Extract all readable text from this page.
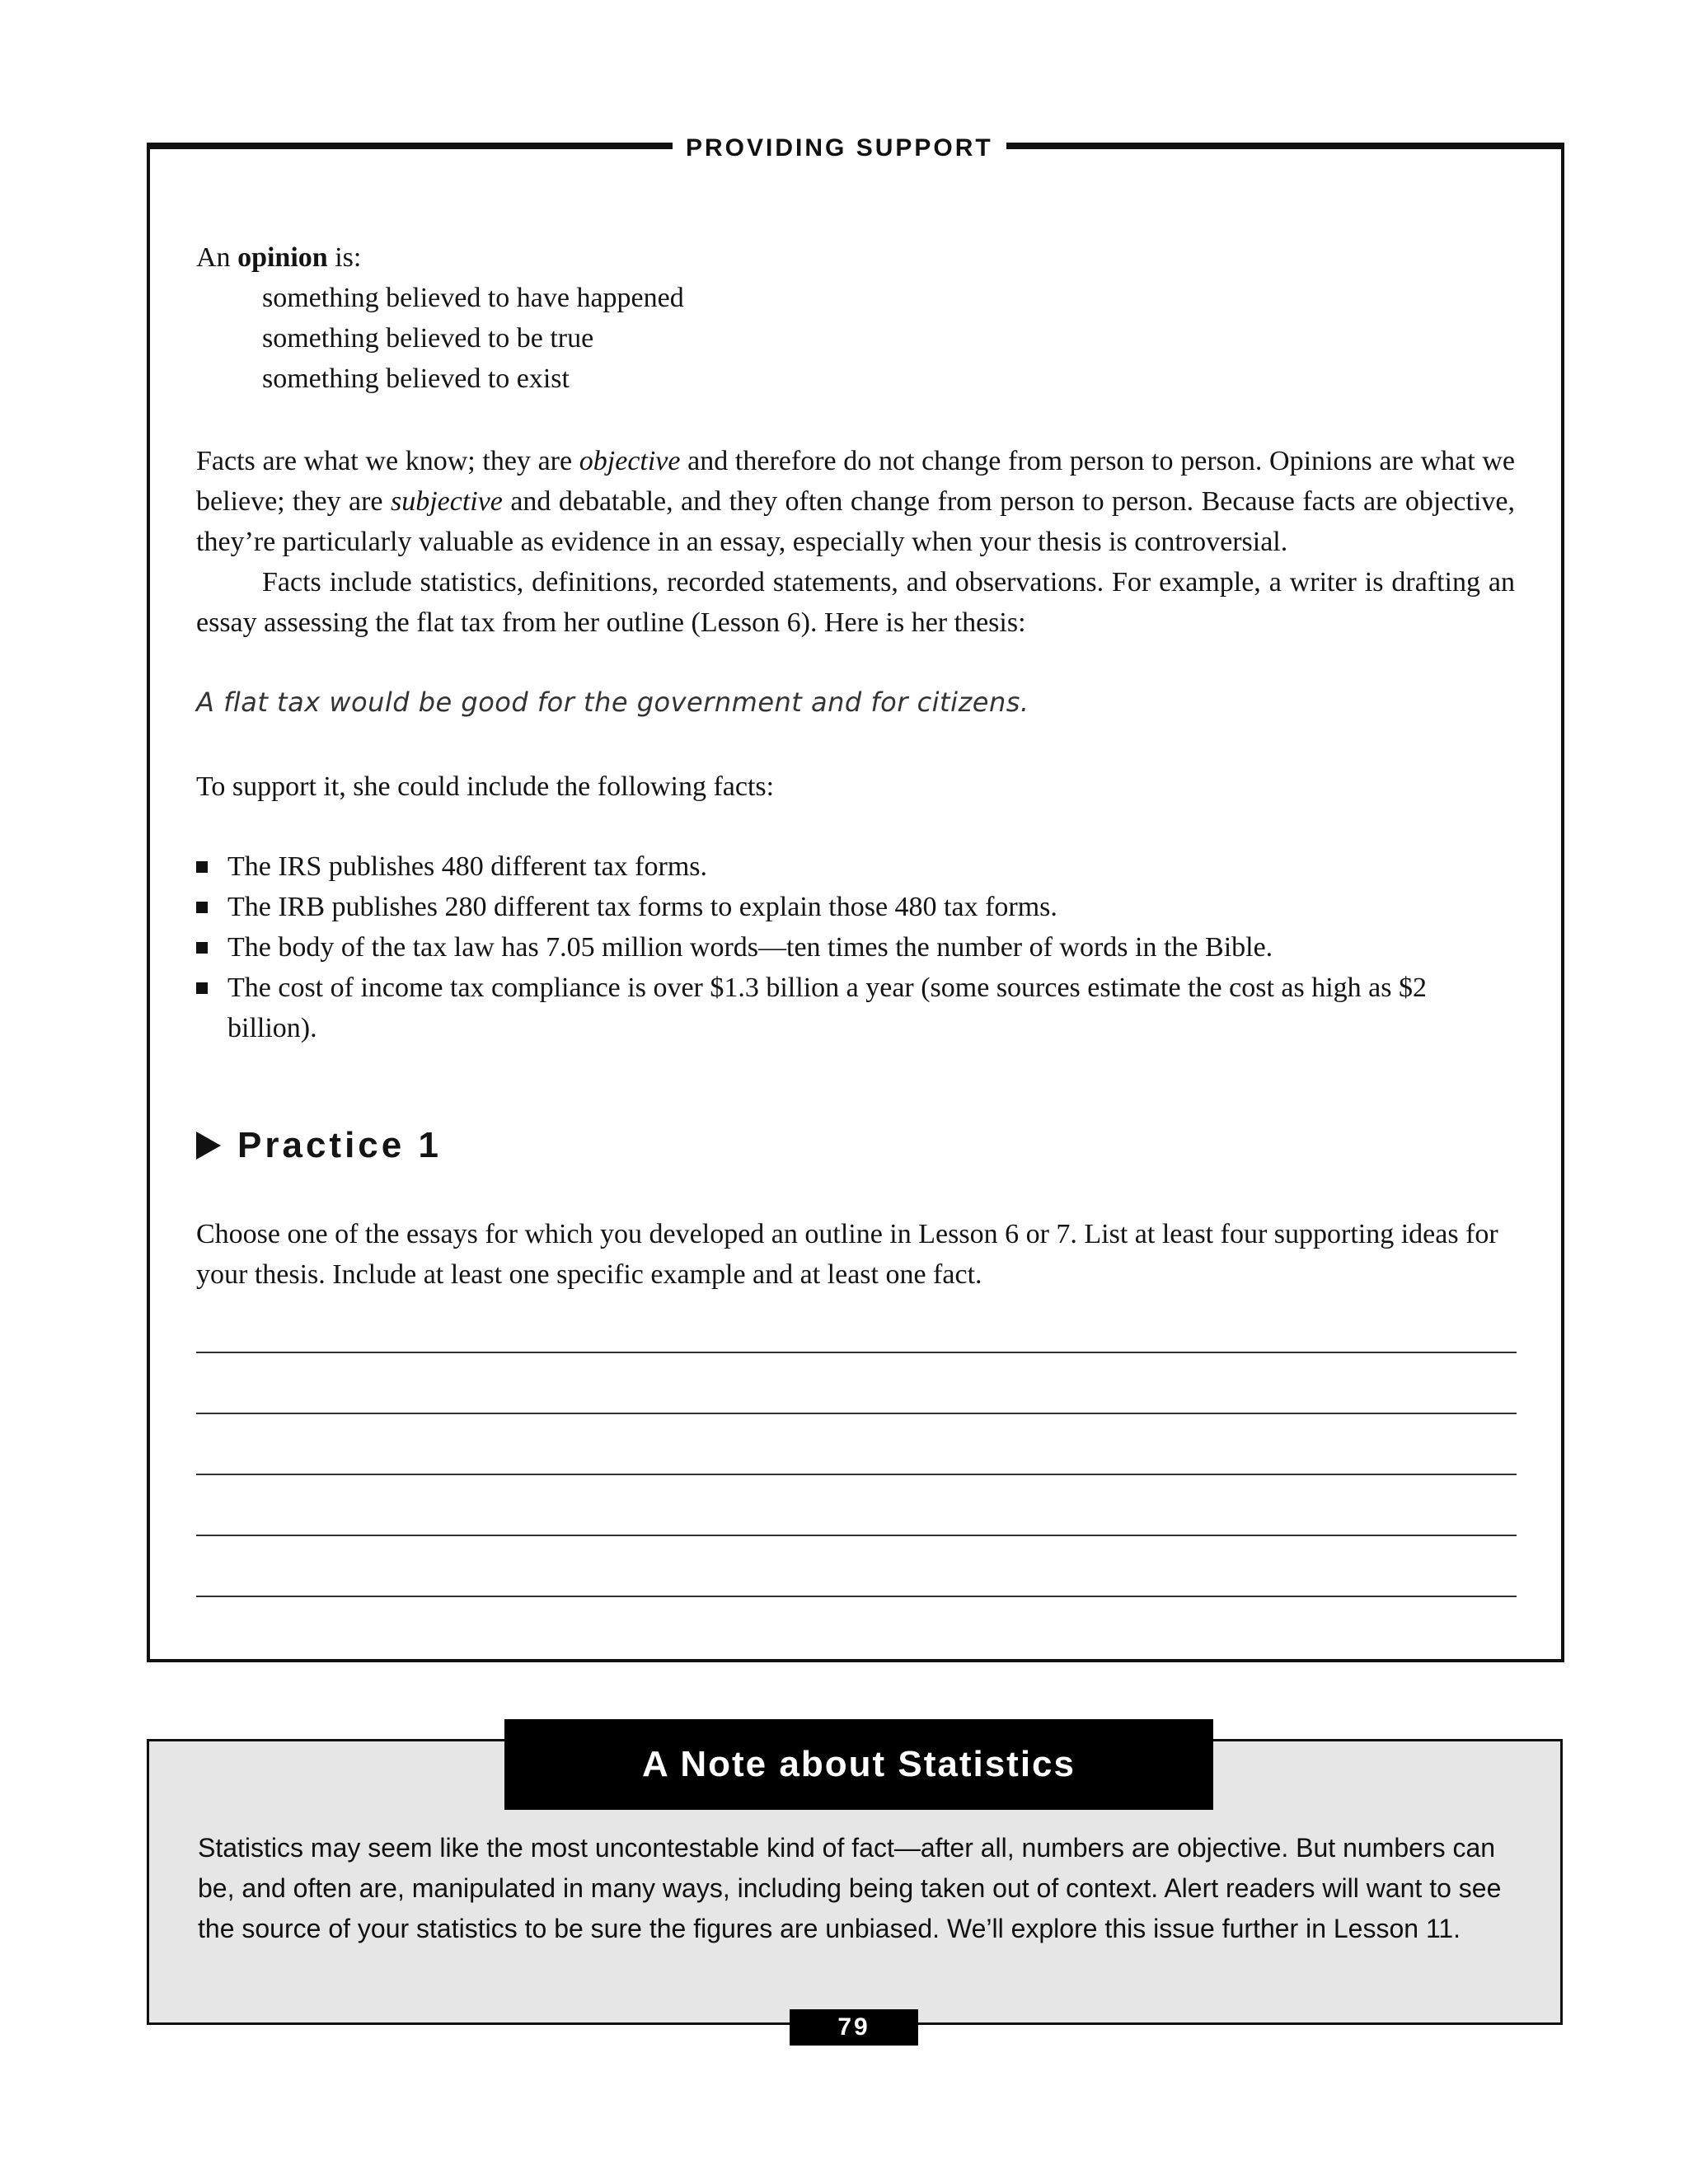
PROVIDING SUPPORT

An opinion is:

something believed to have happened

something believed to be true

something believed to exist

Facts are what we know; they are objective and therefore do not change from person to person. Opinions are what we believe; they are subjective and debatable, and they often change from person to person. Because facts are objective, they’re particularly valuable as evidence in an essay, especially when your thesis is controversial.

Facts include statistics, definitions, recorded statements, and observations. For example, a writer is drafting an essay assessing the flat tax from her outline (Lesson 6). Here is her thesis:

A flat tax would be good for the government and for citizens.
To support it, she could include the following facts:
The IRS publishes 480 different tax forms.
The IRB publishes 280 different tax forms to explain those 480 tax forms.
The body of the tax law has 7.05 million words—ten times the number of words in the Bible.
The cost of income tax compliance is over $1.3 billion a year (some sources estimate the cost as high as $2 billion).
Practice 1
Choose one of the essays for which you developed an outline in Lesson 6 or 7. List at least four supporting ideas for your thesis. Include at least one specific example and at least one fact.
A Note about Statistics
Statistics may seem like the most uncontestable kind of fact—after all, numbers are objective. But numbers can be, and often are, manipulated in many ways, including being taken out of context. Alert readers will want to see the source of your statistics to be sure the figures are unbiased. We’ll explore this issue further in Lesson 11.
79
